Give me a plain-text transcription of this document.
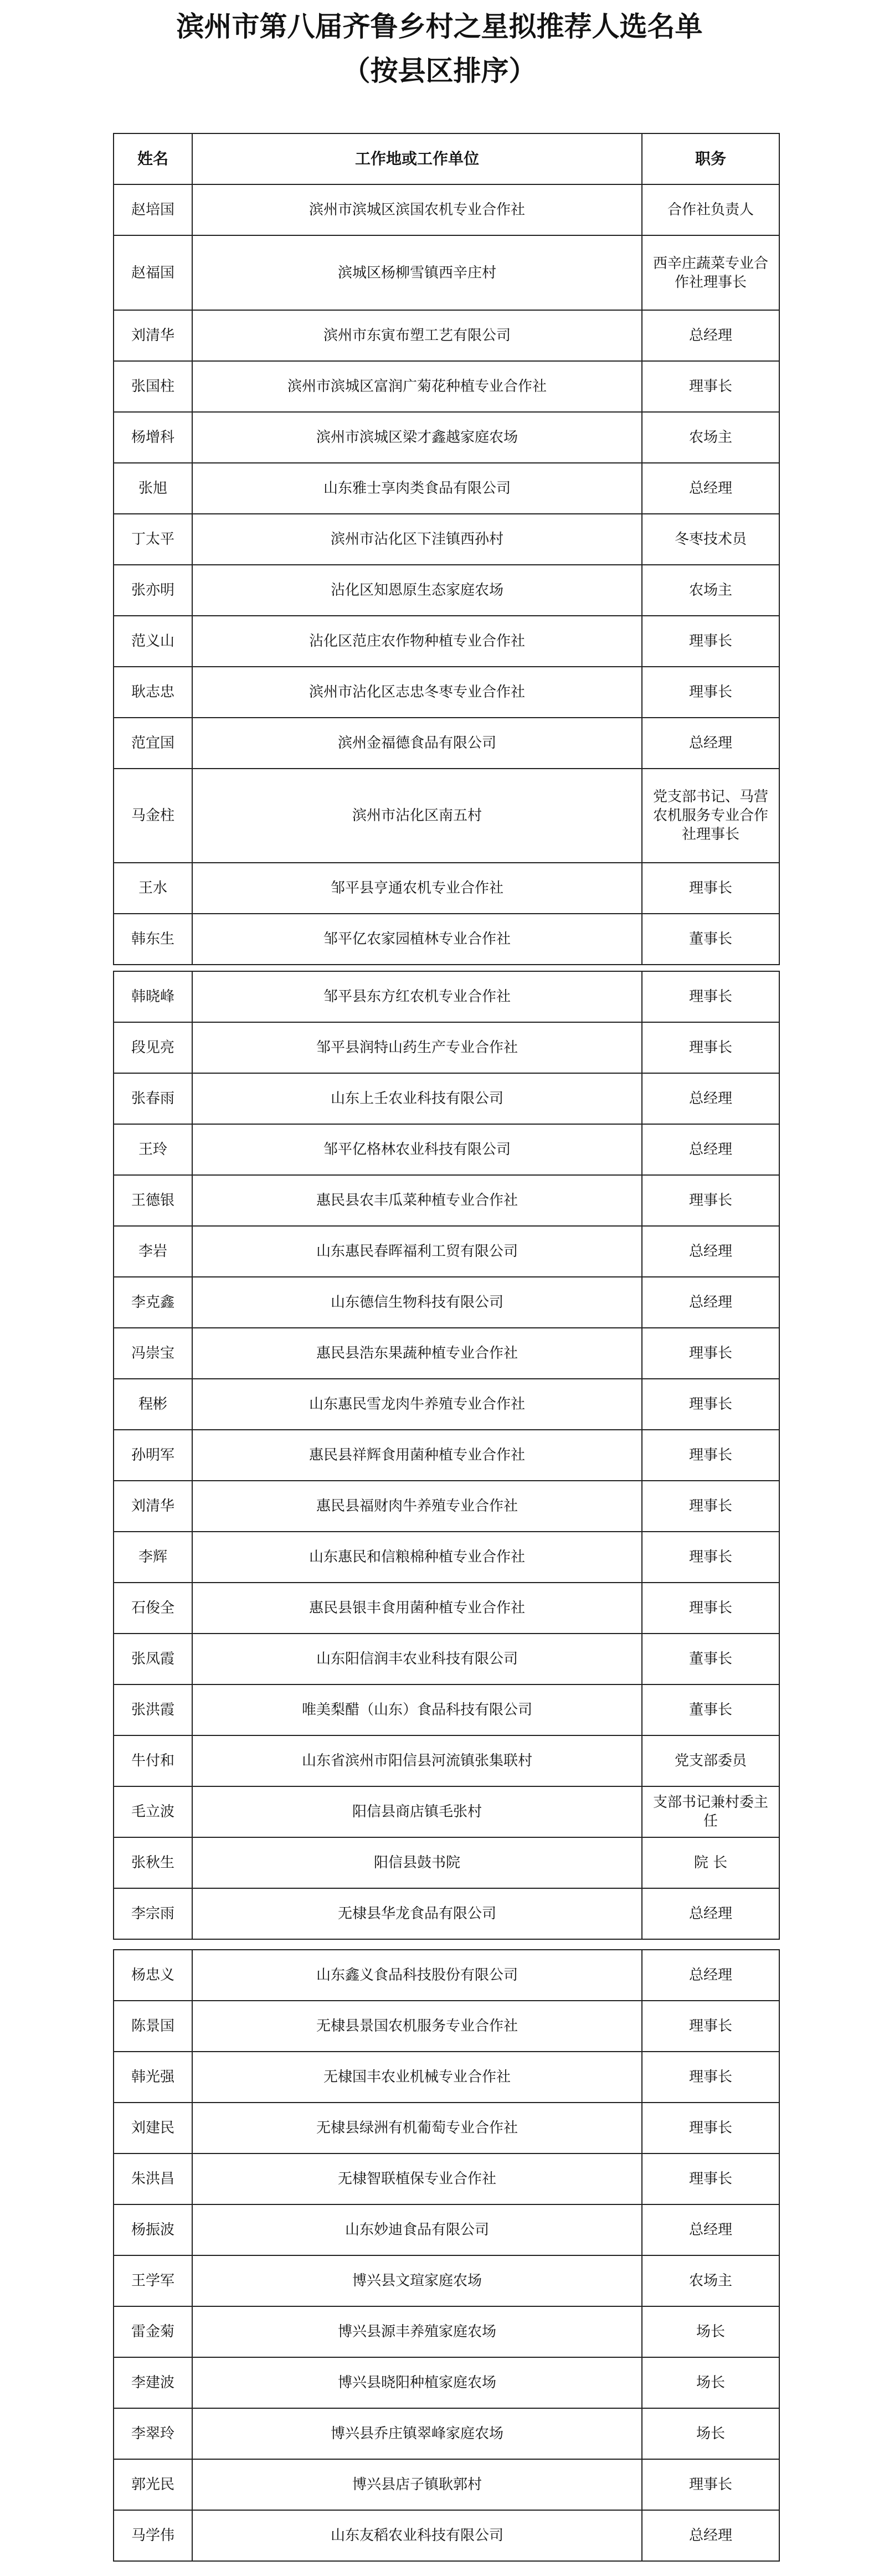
滨州市第八届齐鲁乡村之星拟推荐人选名单
（按县区排序）
姓名	工作地或工作单位	职务
赵培国	滨州市滨城区滨国农机专业合作社	合作社负责人
赵福国	滨城区杨柳雪镇西辛庄村	西辛庄蔬菜专业合作社理事长
刘清华	滨州市东寅布塑工艺有限公司	总经理
张国柱	滨州市滨城区富润广菊花种植专业合作社	理事长
杨增科	滨州市滨城区梁才鑫越家庭农场	农场主
张旭	山东雅士享肉类食品有限公司	总经理
丁太平	滨州市沾化区下洼镇西孙村	冬枣技术员
张亦明	沾化区知恩原生态家庭农场	农场主
范义山	沾化区范庄农作物种植专业合作社	理事长
耿志忠	滨州市沾化区志忠冬枣专业合作社	理事长
范宜国	滨州金福德食品有限公司	总经理
马金柱	滨州市沾化区南五村	党支部书记、马营农机服务专业合作社理事长
王水	邹平县亨通农机专业合作社	理事长
韩东生	邹平亿农家园植林专业合作社	董事长
韩晓峰	邹平县东方红农机专业合作社	理事长
段见亮	邹平县润特山药生产专业合作社	理事长
张春雨	山东上壬农业科技有限公司	总经理
王玲	邹平亿格林农业科技有限公司	总经理
王德银	惠民县农丰瓜菜种植专业合作社	理事长
李岩	山东惠民春晖福利工贸有限公司	总经理
李克鑫	山东德信生物科技有限公司	总经理
冯崇宝	惠民县浩东果蔬种植专业合作社	理事长
程彬	山东惠民雪龙肉牛养殖专业合作社	理事长
孙明军	惠民县祥辉食用菌种植专业合作社	理事长
刘清华	惠民县福财肉牛养殖专业合作社	理事长
李辉	山东惠民和信粮棉种植专业合作社	理事长
石俊全	惠民县银丰食用菌种植专业合作社	理事长
张凤霞	山东阳信润丰农业科技有限公司	董事长
张洪霞	唯美梨醋（山东）食品科技有限公司	董事长
牛付和	山东省滨州市阳信县河流镇张集联村	党支部委员
毛立波	阳信县商店镇毛张村	支部书记兼村委主任
张秋生	阳信县鼓书院	院 长
李宗雨	无棣县华龙食品有限公司	总经理
杨忠义	山东鑫义食品科技股份有限公司	总经理
陈景国	无棣县景国农机服务专业合作社	理事长
韩光强	无棣国丰农业机械专业合作社	理事长
刘建民	无棣县绿洲有机葡萄专业合作社	理事长
朱洪昌	无棣智联植保专业合作社	理事长
杨振波	山东妙迪食品有限公司	总经理
王学军	博兴县文瑄家庭农场	农场主
雷金菊	博兴县源丰养殖家庭农场	场长
李建波	博兴县晓阳种植家庭农场	场长
李翠玲	博兴县乔庄镇翠峰家庭农场	场长
郭光民	博兴县店子镇耿郭村	理事长
马学伟	山东友稻农业科技有限公司	总经理
